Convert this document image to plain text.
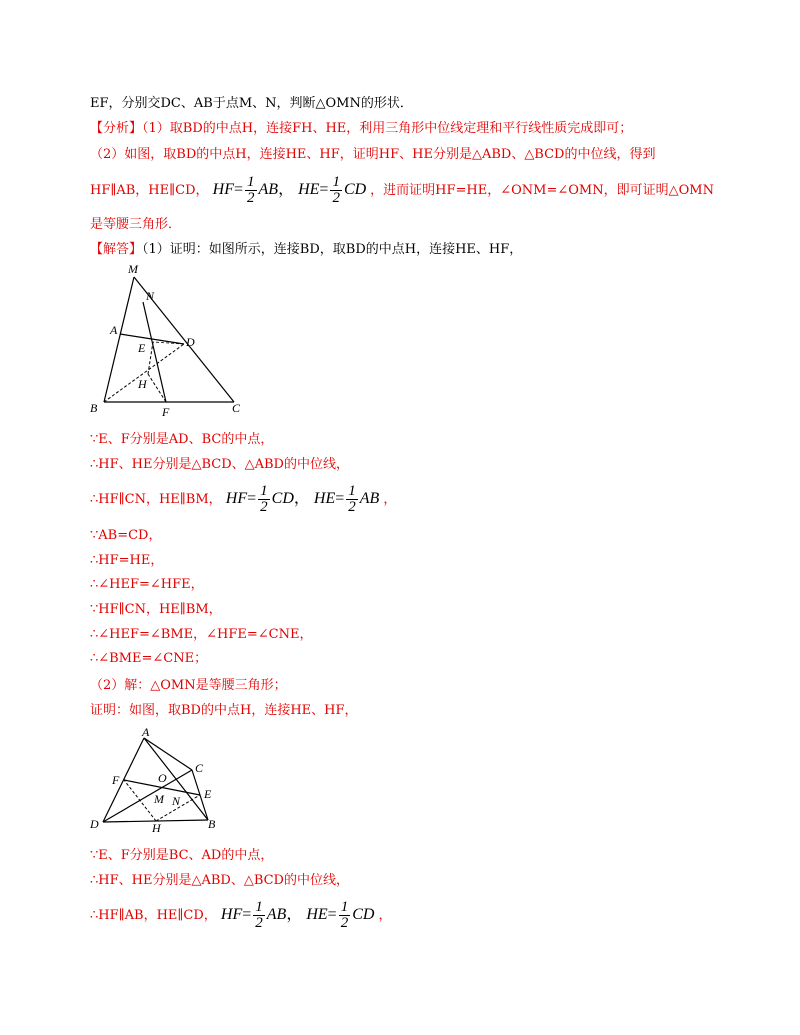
EF，分别交DC、AB于点M、N，判断△OMN的形状．
【分析】（1）取BD的中点H，连接FH、HE，利用三角形中位线定理和平行线性质完成即可；
（2）如图，取BD的中点H，连接HE、HF，证明HF、HE分别是△ABD、△BCD的中位线，得到
HF∥AB，HE∥CD， $HF= \frac{1}{2}$ AB， $HE= \frac{1}{2}$ CD ，进而证明HF=HE，∠ONM=∠OMN，即可证明△OMN
是等腰三角形．
【解答】（1）证明：如图所示，连接BD，取BD的中点H，连接HE、HF，
M
N
A
D
E
H
B	F	C
∵E、F分别是AD、BC的中点，
∴HF、HE分别是△BCD、△ABD的中位线，
∴HF∥CN，HE∥BM， $HF= \frac{1}{2}$ CD， $HE= \frac{1}{2}$ AB ，
∵AB=CD，
∴HF=HE，
∴∠HEF=∠HFE，
∵HF∥CN，HE∥BM，
∴∠HEF=∠BME，∠HFE=∠CNE，
∴∠BME=∠CNE；
（2）解：△OMN是等腰三角形；
证明：如图，取BD的中点H，连接HE、HF，
A
C
F	O
E
M N
D	H	B
∵E、F分别是BC、AD的中点，
∴HF、HE分别是△ABD、△BCD的中位线，
∴HF∥AB，HE∥CD， $HF= \frac{1}{2}$ AB， $HE= \frac{1}{2}$ CD ，
